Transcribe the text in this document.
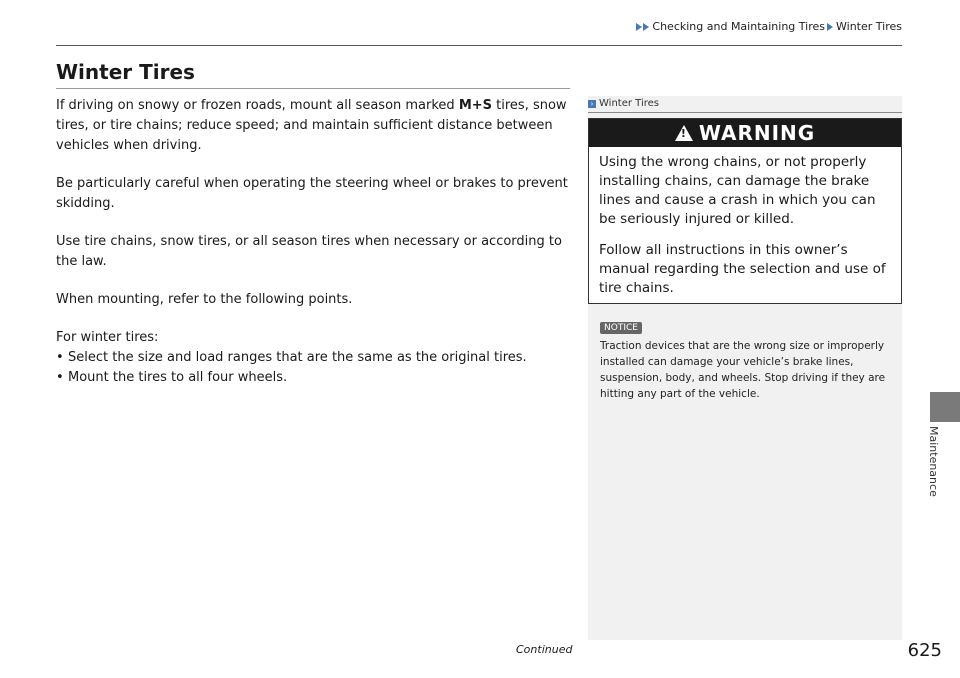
Checking and Maintaining Tires Winter Tires
Maintenance
Winter Tires

If driving on snowy or frozen roads, mount all season marked M+S tires, snow tires, or tire chains; reduce speed; and maintain sufficient distance between vehicles when driving.

Be particularly careful when operating the steering wheel or brakes to prevent skidding.

Use tire chains, snow tires, or all season tires when necessary or according to the law.

When mounting, refer to the following points.

For winter tires:

• Select the size and load ranges that are the same as the original tires.
• Mount the tires to all four wheels.
› Winter Tires
!
WARNING

Using the wrong chains, or not properly installing chains, can damage the brake lines and cause a crash in which you can be seriously injured or killed.

Follow all instructions in this owner’s manual regarding the selection and use of tire chains.

NOTICE
Traction devices that are the wrong size or improperly installed can damage your vehicle’s brake lines, suspension, body, and wheels. Stop driving if they are hitting any part of the vehicle.
Continued	625
